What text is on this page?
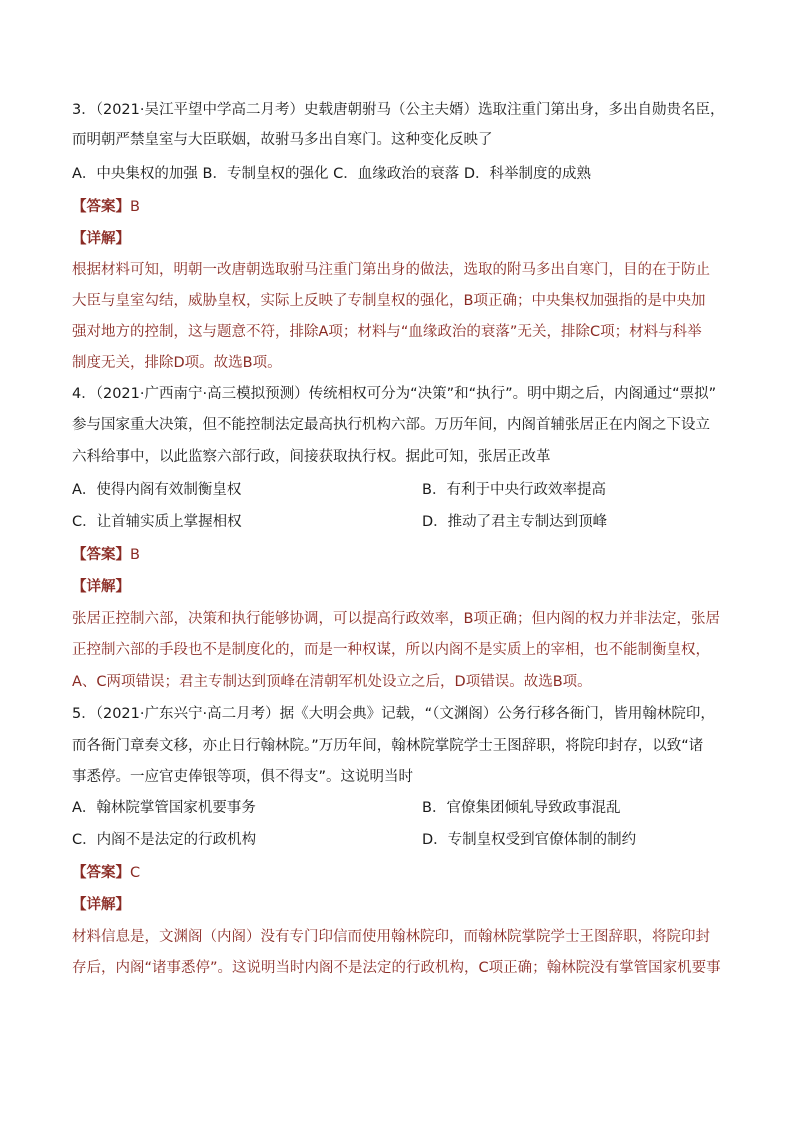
3．（2021·吴江平望中学高二月考）史载唐朝驸马（公主夫婿）选取注重门第出身，多出自勋贵名臣，
而明朝严禁皇室与大臣联姻，故驸马多出自寒门。这种变化反映了
A．中央集权的加强 B．专制皇权的强化 C．血缘政治的衰落 D．科举制度的成熟
【答案】B
【详解】
根据材料可知，明朝一改唐朝选取驸马注重门第出身的做法，选取的附马多出自寒门，目的在于防止
大臣与皇室勾结，威胁皇权，实际上反映了专制皇权的强化，B项正确；中央集权加强指的是中央加
强对地方的控制，这与题意不符，排除A项；材料与“血缘政治的衰落”无关，排除C项；材料与科举
制度无关，排除D项。故选B项。
4．（2021·广西南宁·高三模拟预测）传统相权可分为“决策”和“执行”。明中期之后，内阁通过“票拟”
参与国家重大决策，但不能控制法定最高执行机构六部。万历年间，内阁首辅张居正在内阁之下设立
六科给事中，以此监察六部行政，间接获取执行权。据此可知，张居正改革
A．使得内阁有效制衡皇权	B．有利于中央行政效率提高
C．让首辅实质上掌握相权	D．推动了君主专制达到顶峰
【答案】B
【详解】
张居正控制六部，决策和执行能够协调，可以提高行政效率，B项正确；但内阁的权力并非法定，张居
正控制六部的手段也不是制度化的，而是一种权谋，所以内阁不是实质上的宰相，也不能制衡皇权，
A、C两项错误；君主专制达到顶峰在清朝军机处设立之后，D项错误。故选B项。
5．（2021·广东兴宁·高二月考）据《大明会典》记载，“（文渊阁）公务行移各衙门，皆用翰林院印，
而各衙门章奏文移，亦止日行翰林院。”万历年间，翰林院掌院学士王图辞职，将院印封存，以致“诸
事悉停。一应官吏俸银等项，俱不得支”。这说明当时
A．翰林院掌管国家机要事务	B．官僚集团倾轧导致政事混乱
C．内阁不是法定的行政机构	D．专制皇权受到官僚体制的制约
【答案】C
【详解】
材料信息是，文渊阁（内阁）没有专门印信而使用翰林院印，而翰林院掌院学士王图辞职，将院印封
存后，内阁“诸事悉停”。这说明当时内阁不是法定的行政机构，C项正确；翰林院没有掌管国家机要事
